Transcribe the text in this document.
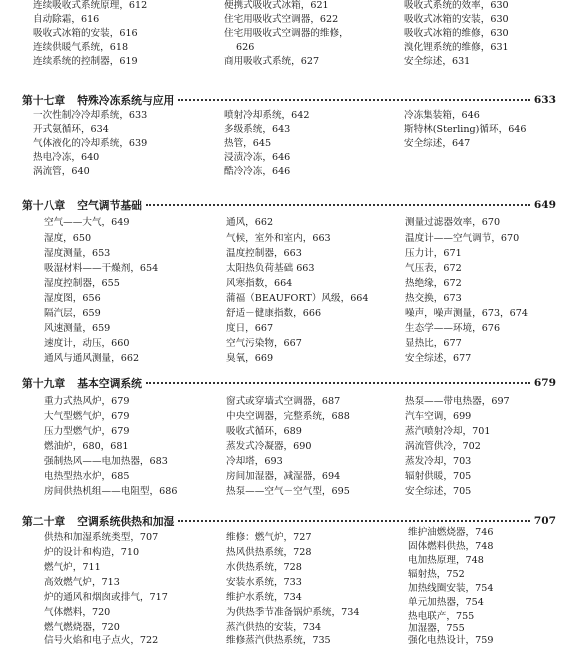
连续吸收式系统原理，612
自动除霜，616
吸收式冰箱的安装，616
连续供暖气系统，618
连续系统的控制器，619
便携式吸收式冰箱，621
住宅用吸收式空调器，622
住宅用吸收式空调器的维修，
626
商用吸收式系统，627
吸收式系统的效率，630
吸收式冰箱的安装，630
吸收式冰箱的维修，630
溴化锂系统的维修，631
安全综述，631
第十七章 特殊冷冻系统与应用	633
一次性制冷冷却系统，633
开式氨循环，634
气体液化的冷却系统，639
热电冷冻，640
涡流管，640
喷射冷却系统，642
多级系统，643
热管，645
浸渍冷冻，646
酷冷冷冻，646
冷冻集装箱，646
斯特林(Sterling)循环，646
安全综述，647
第十八章 空气调节基础	649
空气——大气，649
湿度，650
湿度测量，653
吸湿材料——干燥剂，654
湿度控制器，655
湿度图，656
隔汽层，659
风速测量，659
速度计，动压，660
通风与通风测量，662
通风，662
气候，室外和室内，663
温度控制器，663
太阳热负荷基础 663
风寒指数，664
蒲福（BEAUFORT）风级，664
舒适－健康指数，666
度日，667
空气污染物，667
臭氧，669
测量过滤器效率，670
温度计——空气调节，670
压力计，671
气压表，672
热绝缘，672
热交换，673
噪声，噪声测量，673，674
生态学——环境，676
显热比，677
安全综述，677
第十九章 基本空调系统	679
重力式热风炉，679
大气型燃气炉，679
压力型燃气炉，679
燃油炉，680，681
强制热风——电加热器，683
电热型热水炉，685
房间供热机组——电阻型，686
窗式或穿墙式空调器，687
中央空调器，完整系统，688
吸收式循环，689
蒸发式冷凝器，690
冷却塔，693
房间加湿器，减湿器，694
热泵——空气－空气型，695
热泵——带电热器，697
汽车空调，699
蒸汽喷射冷却，701
涡流管供冷，702
蒸发冷却，703
辐射供暖，705
安全综述，705
第二十章 空调系统供热和加湿	707
供热和加湿系统类型，707
炉的设计和构造，710
燃气炉，711
高效燃气炉，713
炉的通风和烟囱或排气，717
气体燃料，720
燃气燃烧器，720
信号火焰和电子点火，722
维修：燃气炉，727
热风供热系统，728
水供热系统，728
安装水系统，733
维护水系统，734
为供热季节准备锅炉系统，734
蒸汽供热的安装，734
维修蒸汽供热系统，735
维护油燃烧器，746
固体燃料供热，748
电加热原理，748
辐射热，752
加热线圈安装，754
单元加热器，754
热电联产，755
加湿器，755
强化电热设计，759
